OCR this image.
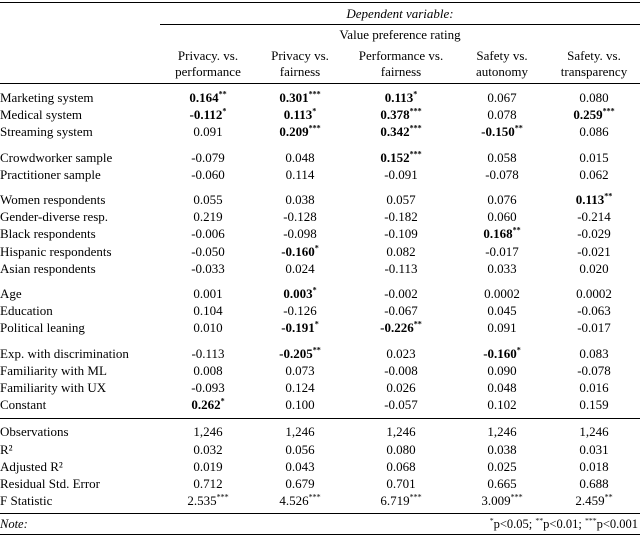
Dependent variable:
Value preference rating
Privacy. vs.
performance
Privacy vs.
fairness
Performance vs.
fairness
Safety vs.
autonomy
Safety. vs.
transparency
Marketing system	0.164**	0.301***	0.113*	0.067	0.080
Medical system	-0.112*	0.113*	0.378***	0.078	0.259***
Streaming system	0.091	0.209***	0.342***	-0.150**	0.086
Crowdworker sample	-0.079	0.048	0.152***	0.058	0.015
Practitioner sample	-0.060	0.114	-0.091	-0.078	0.062
Women respondents	0.055	0.038	0.057	0.076	0.113**
Gender-diverse resp.	0.219	-0.128	-0.182	0.060	-0.214
Black respondents	-0.006	-0.098	-0.109	0.168**	-0.029
Hispanic respondents	-0.050	-0.160*	0.082	-0.017	-0.021
Asian respondents	-0.033	0.024	-0.113	0.033	0.020
Age	0.001	0.003*	-0.002	0.0002	0.0002
Education	0.104	-0.126	-0.067	0.045	-0.063
Political leaning	0.010	-0.191*	-0.226**	0.091	-0.017
Exp. with discrimination	-0.113	-0.205**	0.023	-0.160*	0.083
Familiarity with ML	0.008	0.073	-0.008	0.090	-0.078
Familiarity with UX	-0.093	0.124	0.026	0.048	0.016
Constant	0.262*	0.100	-0.057	0.102	0.159
Observations	1,246	1,246	1,246	1,246	1,246
R²	0.032	0.056	0.080	0.038	0.031
Adjusted R²	0.019	0.043	0.068	0.025	0.018
Residual Std. Error	0.712	0.679	0.701	0.665	0.688
F Statistic	2.535***	4.526***	6.719***	3.009***	2.459**
Note:	*p<0.05; **p<0.01; ***p<0.001
